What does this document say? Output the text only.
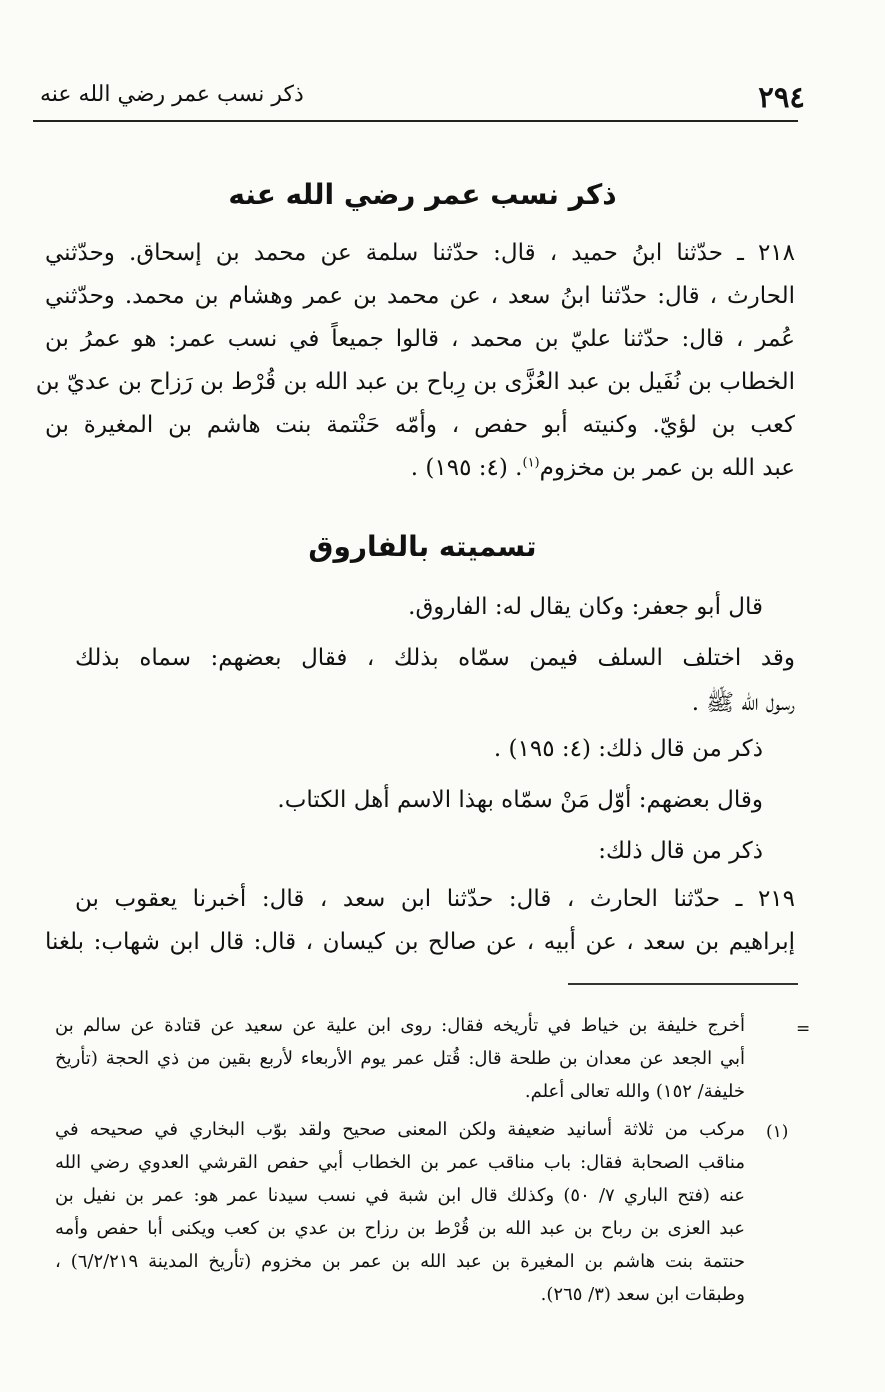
٢٩٤
ذكر نسب عمر رضي الله عنه
ذكر نسب عمر رضي الله عنه
٢١٨ ـ حدّثنا ابنُ حميد ، قال: حدّثنا سلمة عن محمد بن إسحاق. وحدّثني
الحارث ، قال: حدّثنا ابنُ سعد ، عن محمد بن عمر وهشام بن محمد. وحدّثني
عُمر ، قال: حدّثنا عليّ بن محمد ، قالوا جميعاً في نسب عمر: هو عمرُ بن
الخطاب بن نُفَيل بن عبد العُزَّى بن رِباح بن عبد الله بن قُرْط بن رَزاح بن عديّ بن
كعب بن لؤيّ. وكنيته أبو حفص ، وأمّه حَنْتمة بنت هاشم بن المغيرة بن
عبد الله بن عمر بن مخزوم$^{(١)}$. (٤: ١٩٥) .
تسميته بالفاروق
قال أبو جعفر: وكان يقال له: الفاروق.
وقد اختلف السلف فيمن سمّاه بذلك ، فقال بعضهم: سماه بذلك
رسول الله ﷺ .
ذكر من قال ذلك: (٤: ١٩٥) .
وقال بعضهم: أوّل مَنْ سمّاه بهذا الاسم أهل الكتاب.
ذكر من قال ذلك:
٢١٩ ـ حدّثنا الحارث ، قال: حدّثنا ابن سعد ، قال: أخبرنا يعقوب بن
إبراهيم بن سعد ، عن أبيه ، عن صالح بن كيسان ، قال: قال ابن شهاب: بلغنا
=
أخرج خليفة بن خياط في تأريخه فقال: روى ابن علية عن سعيد عن قتادة عن سالم بن
أبي الجعد عن معدان بن طلحة قال: قُتل عمر يوم الأربعاء لأربع بقين من ذي الحجة (تأريخ
خليفة/ ١٥٢) والله تعالى أعلم.
(١)
مركب من ثلاثة أسانيد ضعيفة ولكن المعنى صحيح ولقد بوّب البخاري في صحيحه في
مناقب الصحابة فقال: باب مناقب عمر بن الخطاب أبي حفص القرشي العدوي رضي الله
عنه (فتح الباري ٧/ ٥٠) وكذلك قال ابن شبة في نسب سيدنا عمر هو: عمر بن نفيل بن
عبد العزى بن رباح بن عبد الله بن قُرْط بن رزاح بن عدي بن كعب ويكنى أبا حفص وأمه
حنتمة بنت هاشم بن المغيرة بن عبد الله بن عمر بن مخزوم (تأريخ المدينة ٦/٢/٢١٩) ،
وطبقات ابن سعد (٣/ ٢٦٥).
